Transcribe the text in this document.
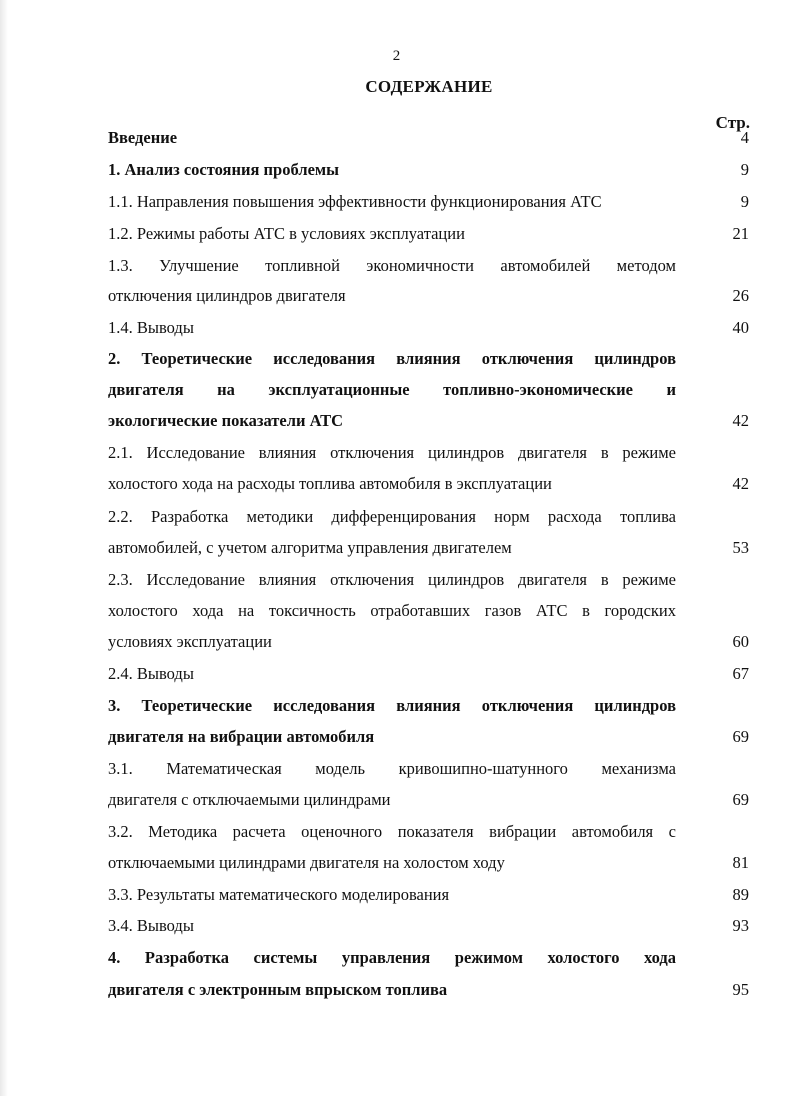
2
СОДЕРЖАНИЕ
Стр.
Введение	4
1. Анализ состояния проблемы	9
1.1. Направления повышения эффективности функционирования АТС	9
1.2. Режимы работы АТС в условиях эксплуатации	21
1.3. Улучшение топливной экономичности автомобилей методом
отключения цилиндров двигателя	26
1.4. Выводы	40
2. Теоретические исследования влияния отключения цилиндров
двигателя на эксплуатационные топливно-экономические и
экологические показатели АТС	42
2.1. Исследование влияния отключения цилиндров двигателя в режиме
холостого хода на расходы топлива автомобиля в эксплуатации	42
2.2. Разработка методики дифференцирования норм расхода топлива
автомобилей, с учетом алгоритма управления двигателем	53
2.3. Исследование влияния отключения цилиндров двигателя в режиме
холостого хода на токсичность отработавших газов АТС в городских
условиях эксплуатации	60
2.4. Выводы	67
3. Теоретические исследования влияния отключения цилиндров
двигателя на вибрации автомобиля	69
3.1. Математическая модель кривошипно-шатунного механизма
двигателя с отключаемыми цилиндрами	69
3.2. Методика расчета оценочного показателя вибрации автомобиля с
отключаемыми цилиндрами двигателя на холостом ходу	81
3.3. Результаты математического моделирования	89
3.4. Выводы	93
4. Разработка системы управления режимом холостого хода
двигателя с электронным впрыском топлива	95
